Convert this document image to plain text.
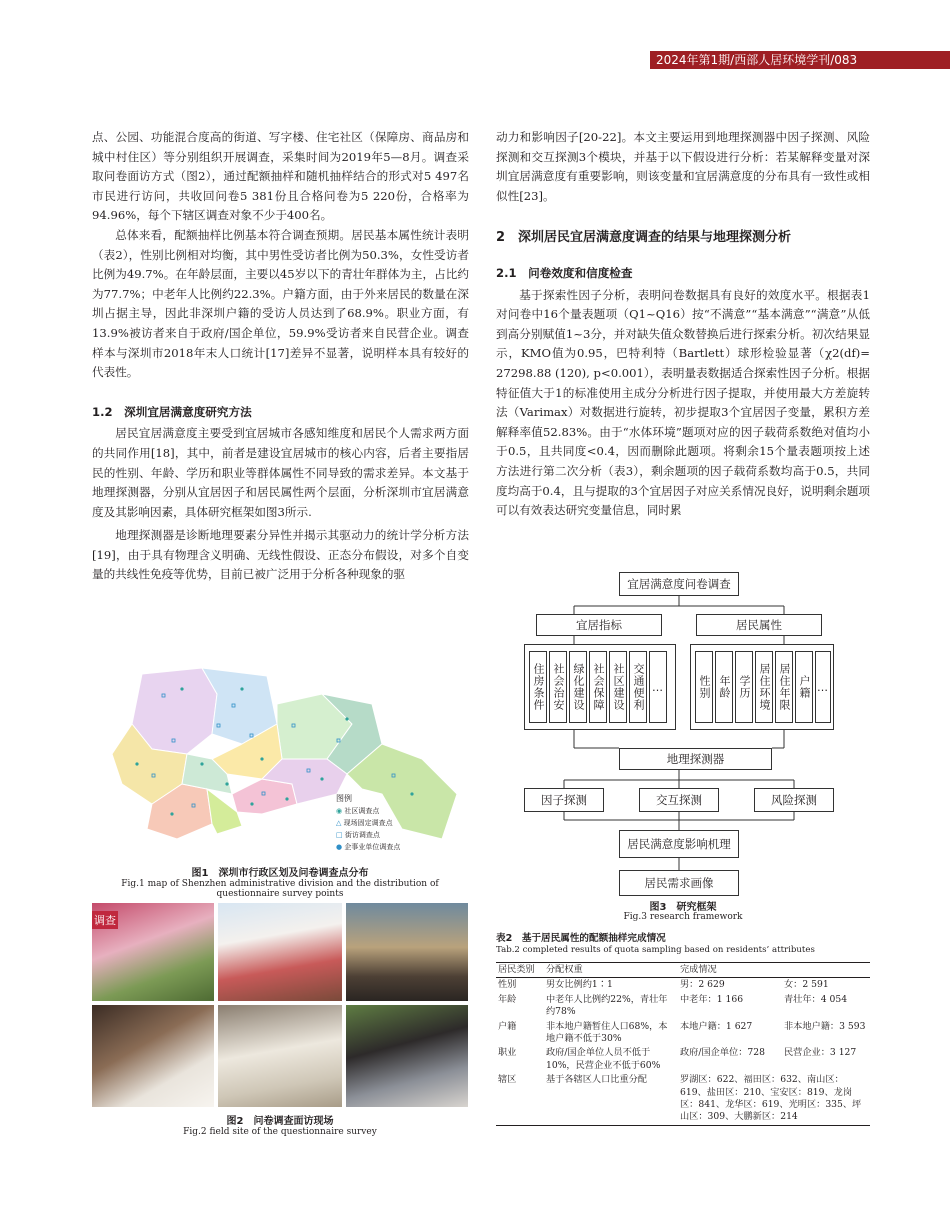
2024年第1期/西部人居环境学刊/083

点、公园、功能混合度高的街道、写字楼、住宅社区（保障房、商品房和城中村住区）等分别组织开展调查，采集时间为2019年5—8月。调查采取问卷面访方式（图2），通过配额抽样和随机抽样结合的形式对5 497名市民进行访问，共收回问卷5 381份且合格问卷为5 220份，合格率为94.96%，每个下辖区调查对象不少于400名。

总体来看，配额抽样比例基本符合调查预期。居民基本属性统计表明（表2），性别比例相对均衡，其中男性受访者比例为50.3%，女性受访者比例为49.7%。在年龄层面，主要以45岁以下的青壮年群体为主，占比约为77.7%；中老年人比例约22.3%。户籍方面，由于外来居民的数量在深圳占据主导，因此非深圳户籍的受访人员达到了68.9%。职业方面，有13.9%被访者来自于政府/国企单位，59.9%受访者来自民营企业。调查样本与深圳市2018年末人口统计[17]差异不显著，说明样本具有较好的代表性。

1.2　深圳宜居满意度研究方法

居民宜居满意度主要受到宜居城市各感知维度和居民个人需求两方面的共同作用[18]，其中，前者是建设宜居城市的核心内容，后者主要指居民的性别、年龄、学历和职业等群体属性不同导致的需求差异。本文基于地理探测器，分别从宜居因子和居民属性两个层面，分析深圳市宜居满意度及其影响因素，具体研究框架如图3所示.

地理探测器是诊断地理要素分异性并揭示其驱动力的统计学分析方法[19]，由于具有物理含义明确、无线性假设、正态分布假设，对多个自变量的共线性免疫等优势，目前已被广泛用于分析各种现象的驱

图例
◉ 社区调查点
△ 现场固定调查点
□ 街访调查点
● 企事业单位调查点
图1　深圳市行政区划及问卷调查点分布
Fig.1 map of Shenzhen administrative division and the distribution of questionnaire survey points
调查
图2　问卷调查面访现场
Fig.2 field site of the questionnaire survey

动力和影响因子[20-22]。本文主要运用到地理探测器中因子探测、风险探测和交互探测3个模块，并基于以下假设进行分析：若某解释变量对深圳宜居满意度有重要影响，则该变量和宜居满意度的分布具有一致性或相似性[23]。

2　深圳居民宜居满意度调查的结果与地理探测分析
2.1　问卷效度和信度检查

基于探索性因子分析，表明问卷数据具有良好的效度水平。根据表1对问卷中16个量表题项（Q1~Q16）按“不满意”“基本满意”“满意”从低到高分别赋值1~3分，并对缺失值众数替换后进行探索分析。初次结果显示，KMO值为0.95，巴特利特（Bartlett）球形检验显著（χ2(df)= 27298.88 (120), p<0.001），表明量表数据适合探索性因子分析。根据特征值大于1的标准使用主成分分析进行因子提取，并使用最大方差旋转法（Varimax）对数据进行旋转，初步提取3个宜居因子变量，累积方差解释率值52.83%。由于“水体环境”题项对应的因子载荷系数绝对值均小于0.5，且共同度<0.4，因而删除此题项。将剩余15个量表题项按上述方法进行第二次分析（表3），剩余题项的因子载荷系数均高于0.5，共同度均高于0.4，且与提取的3个宜居因子对应关系情况良好，说明剩余题项可以有效表达研究变量信息，同时累

宜居满意度问卷调查
宜居指标	居民属性
住房条件 社会治安 绿化建设 社会保障 社区建设 交通便利 …	性别 年龄 学历 居住环境 居住年限 户籍 …
地理探测器
因子探测	交互探测	风险探测
居民满意度影响机理
居民需求画像
图3　研究框架
Fig.3 research framework
表2　基于居民属性的配额抽样完成情况
Tab.2 completed results of quota sampling based on residents’ attributes
居民类别	分配权重	完成情况	
性别	男女比例约1∶1	男：2 629	女：2 591
年龄	中老年人比例约22%，青壮年约78%	中老年：1 166	青壮年：4 054
户籍	非本地户籍暂住人口68%，本地户籍不低于30%	本地户籍：1 627	非本地户籍：3 593
职业	政府/国企单位人员不低于10%，民营企业不低于60%	政府/国企单位：728	民营企业：3 127
辖区	基于各辖区人口比重分配	罗湖区：622、福田区：632、南山区：619、盐田区：210、宝安区：819、龙岗区：841、龙华区：619、光明区：335、坪山区：309、大鹏新区：214	
